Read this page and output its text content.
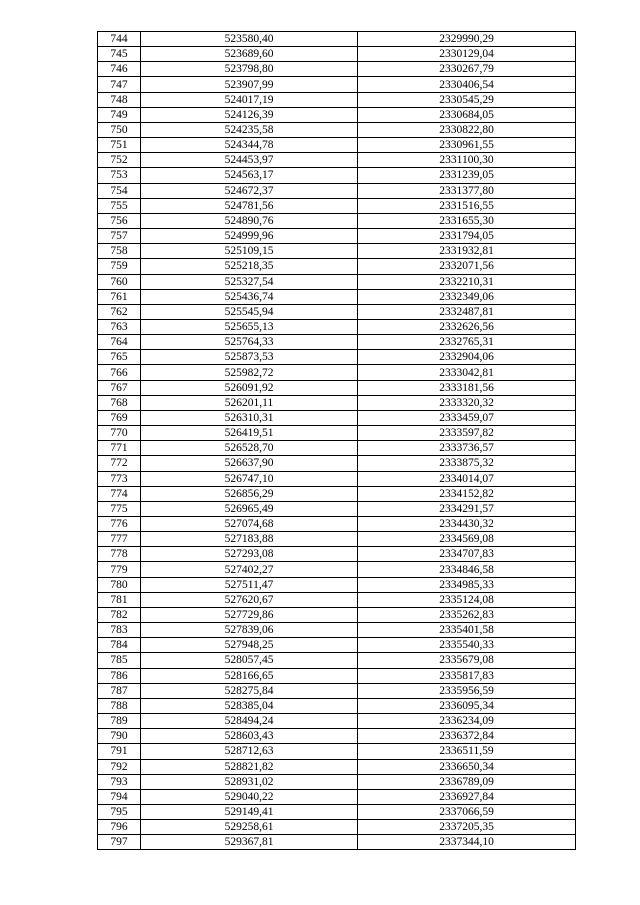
744	523580,40	2329990,29
745	523689,60	2330129,04
746	523798,80	2330267,79
747	523907,99	2330406,54
748	524017,19	2330545,29
749	524126,39	2330684,05
750	524235,58	2330822,80
751	524344,78	2330961,55
752	524453,97	2331100,30
753	524563,17	2331239,05
754	524672,37	2331377,80
755	524781,56	2331516,55
756	524890,76	2331655,30
757	524999,96	2331794,05
758	525109,15	2331932,81
759	525218,35	2332071,56
760	525327,54	2332210,31
761	525436,74	2332349,06
762	525545,94	2332487,81
763	525655,13	2332626,56
764	525764,33	2332765,31
765	525873,53	2332904,06
766	525982,72	2333042,81
767	526091,92	2333181,56
768	526201,11	2333320,32
769	526310,31	2333459,07
770	526419,51	2333597,82
771	526528,70	2333736,57
772	526637,90	2333875,32
773	526747,10	2334014,07
774	526856,29	2334152,82
775	526965,49	2334291,57
776	527074,68	2334430,32
777	527183,88	2334569,08
778	527293,08	2334707,83
779	527402,27	2334846,58
780	527511,47	2334985,33
781	527620,67	2335124,08
782	527729,86	2335262,83
783	527839,06	2335401,58
784	527948,25	2335540,33
785	528057,45	2335679,08
786	528166,65	2335817,83
787	528275,84	2335956,59
788	528385,04	2336095,34
789	528494,24	2336234,09
790	528603,43	2336372,84
791	528712,63	2336511,59
792	528821,82	2336650,34
793	528931,02	2336789,09
794	529040,22	2336927,84
795	529149,41	2337066,59
796	529258,61	2337205,35
797	529367,81	2337344,10
